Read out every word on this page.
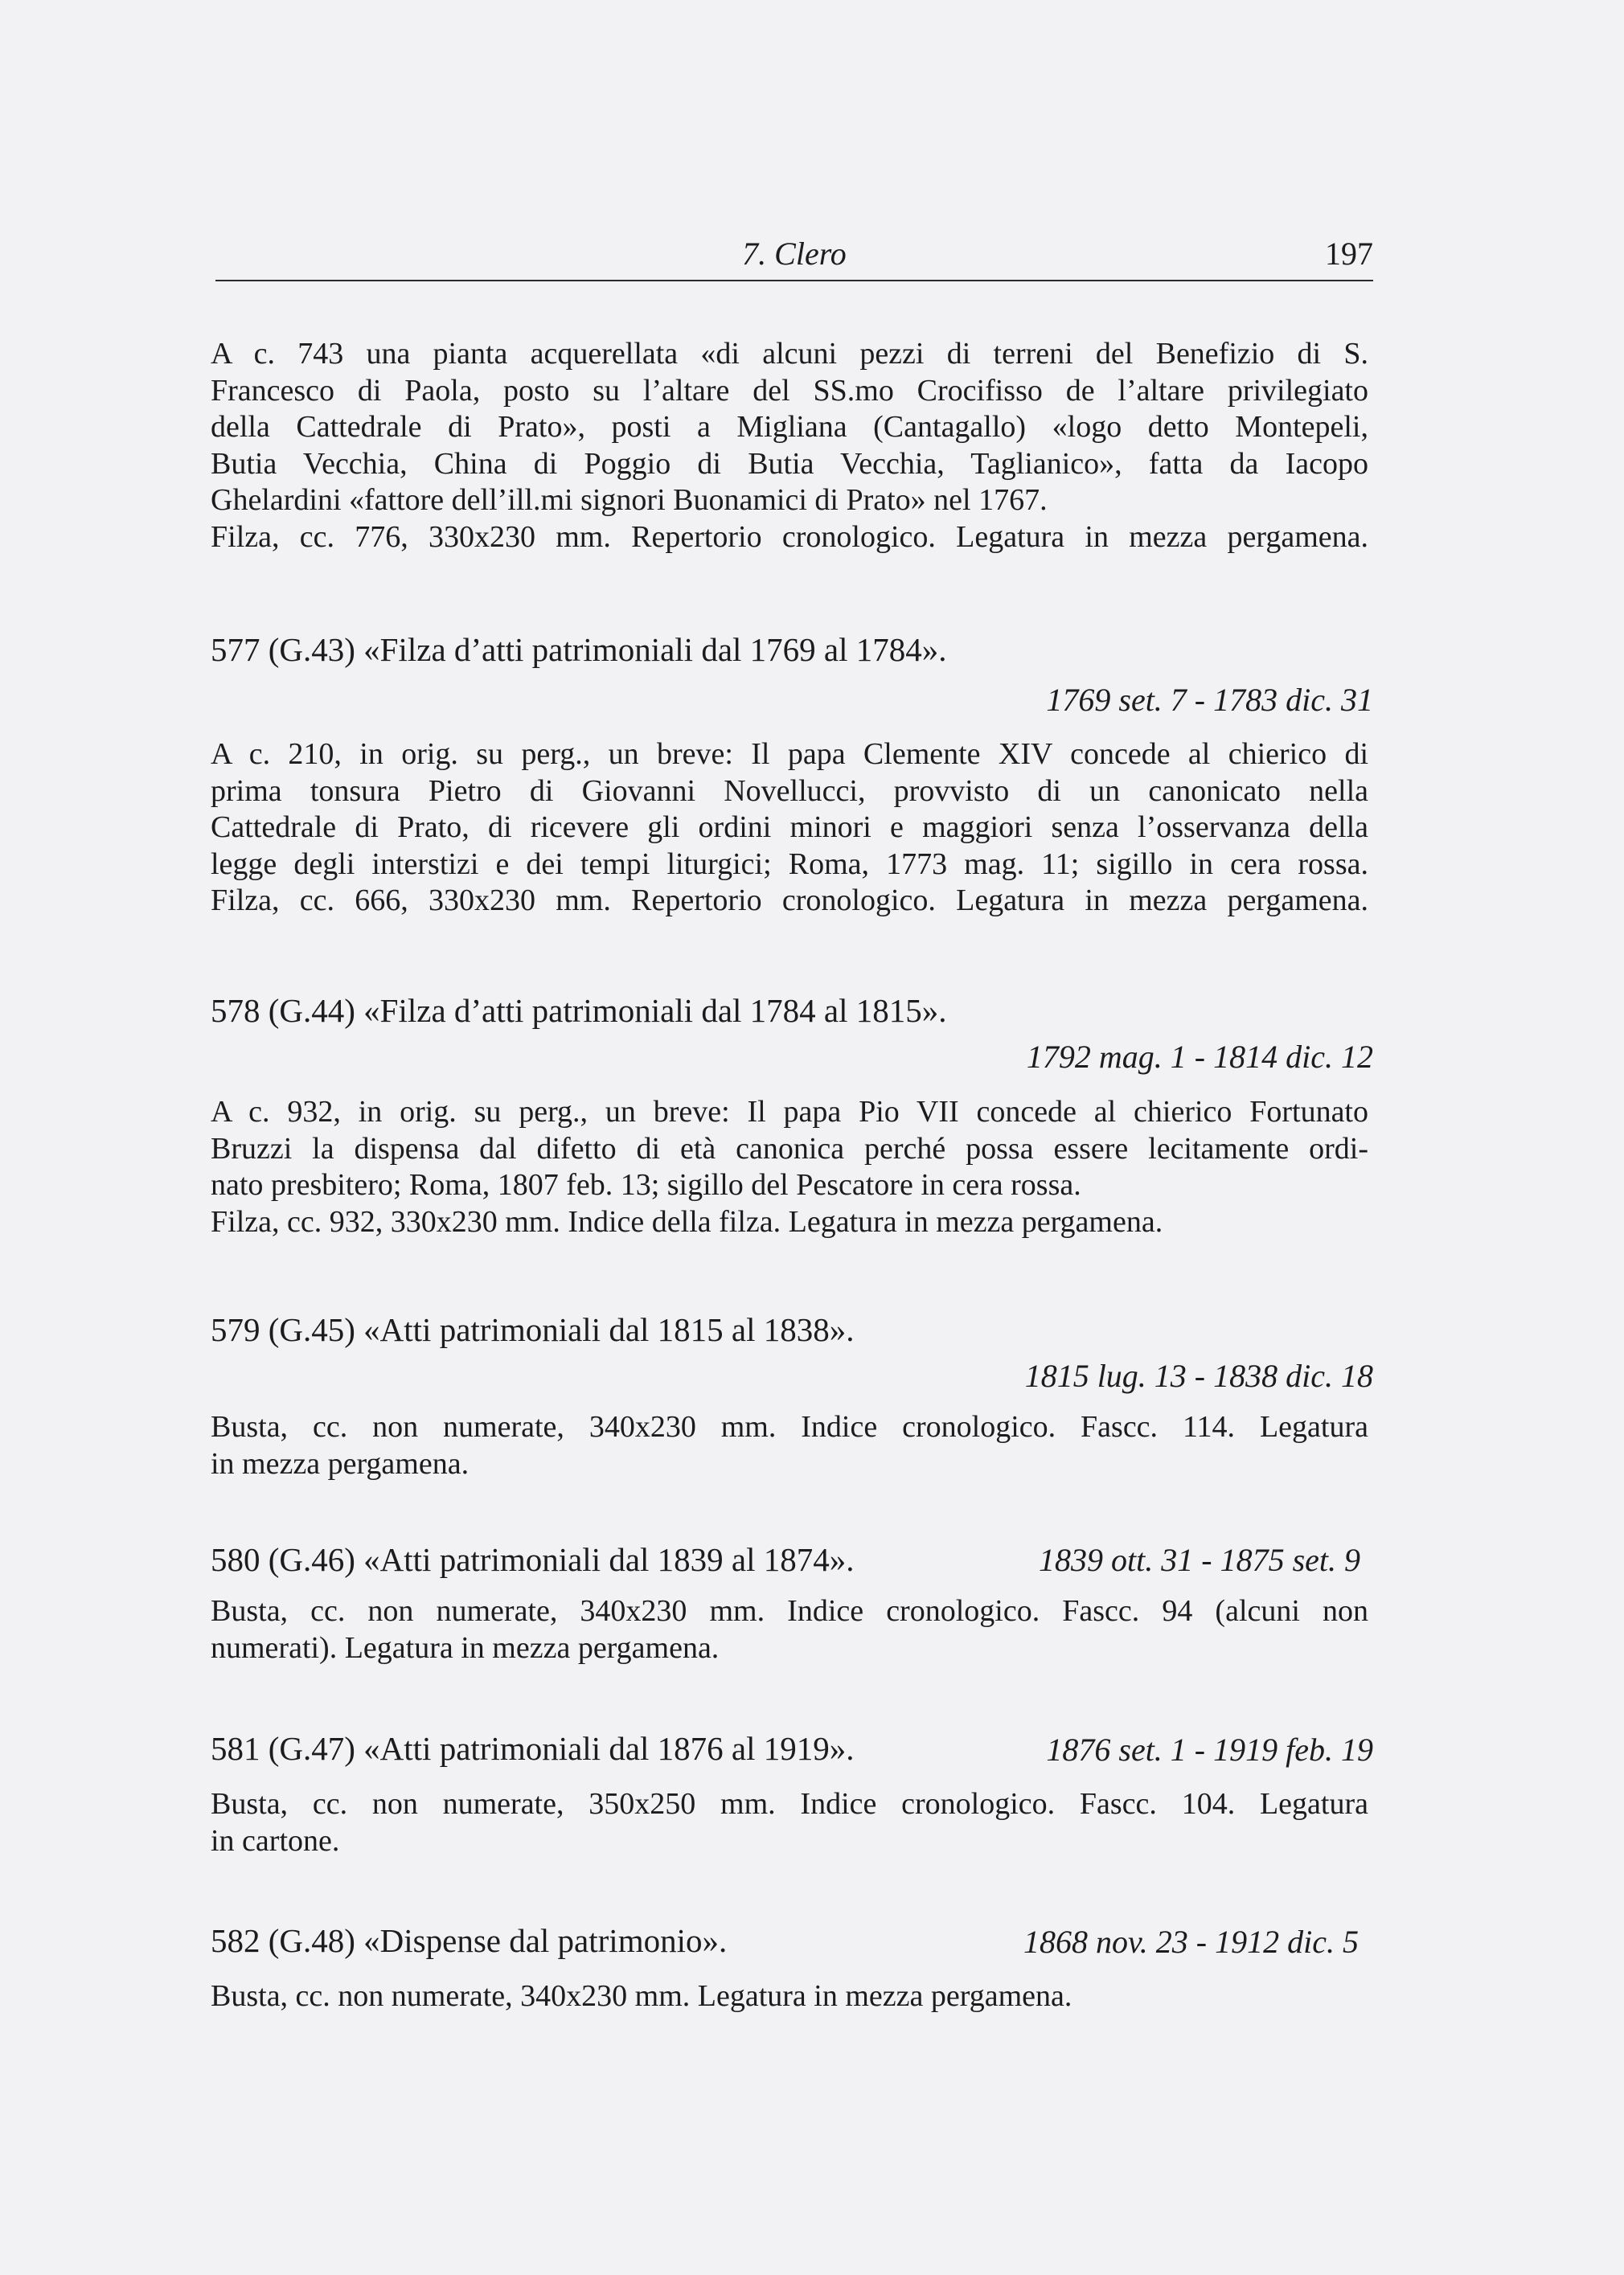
7. Clero	197
A c. 743 una pianta acquerellata «di alcuni pezzi di terreni del Benefizio di S.
Francesco di Paola, posto su l’altare del SS.mo Crocifisso de l’altare privilegiato
della Cattedrale di Prato», posti a Migliana (Cantagallo) «logo detto Montepeli,
Butia Vecchia, China di Poggio di Butia Vecchia, Taglianico», fatta da Iacopo
Ghelardini «fattore dell’ill.mi signori Buonamici di Prato» nel 1767.
Filza, cc. 776, 330x230 mm. Repertorio cronologico. Legatura in mezza pergamena.
577 (G.43) «Filza d’atti patrimoniali dal 1769 al 1784».
1769 set. 7 - 1783 dic. 31
A c. 210, in orig. su perg., un breve: Il papa Clemente XIV concede al chierico di
prima tonsura Pietro di Giovanni Novellucci, provvisto di un canonicato nella
Cattedrale di Prato, di ricevere gli ordini minori e maggiori senza l’osservanza della
legge degli interstizi e dei tempi liturgici; Roma, 1773 mag. 11; sigillo in cera rossa.
Filza, cc. 666, 330x230 mm. Repertorio cronologico. Legatura in mezza pergamena.
578 (G.44) «Filza d’atti patrimoniali dal 1784 al 1815».
1792 mag. 1 - 1814 dic. 12
A c. 932, in orig. su perg., un breve: Il papa Pio VII concede al chierico Fortunato
Bruzzi la dispensa dal difetto di età canonica perché possa essere lecitamente ordi-
nato presbitero; Roma, 1807 feb. 13; sigillo del Pescatore in cera rossa.
Filza, cc. 932, 330x230 mm. Indice della filza. Legatura in mezza pergamena.
579 (G.45) «Atti patrimoniali dal 1815 al 1838».
1815 lug. 13 - 1838 dic. 18
Busta, cc. non numerate, 340x230 mm. Indice cronologico. Fascc. 114. Legatura
in mezza pergamena.
580 (G.46) «Atti patrimoniali dal 1839 al 1874».	1839 ott. 31 - 1875 set. 9
Busta, cc. non numerate, 340x230 mm. Indice cronologico. Fascc. 94 (alcuni non
numerati). Legatura in mezza pergamena.
581 (G.47) «Atti patrimoniali dal 1876 al 1919».	1876 set. 1 - 1919 feb. 19
Busta, cc. non numerate, 350x250 mm. Indice cronologico. Fascc. 104. Legatura
in cartone.
582 (G.48) «Dispense dal patrimonio».	1868 nov. 23 - 1912 dic. 5
Busta, cc. non numerate, 340x230 mm. Legatura in mezza pergamena.
